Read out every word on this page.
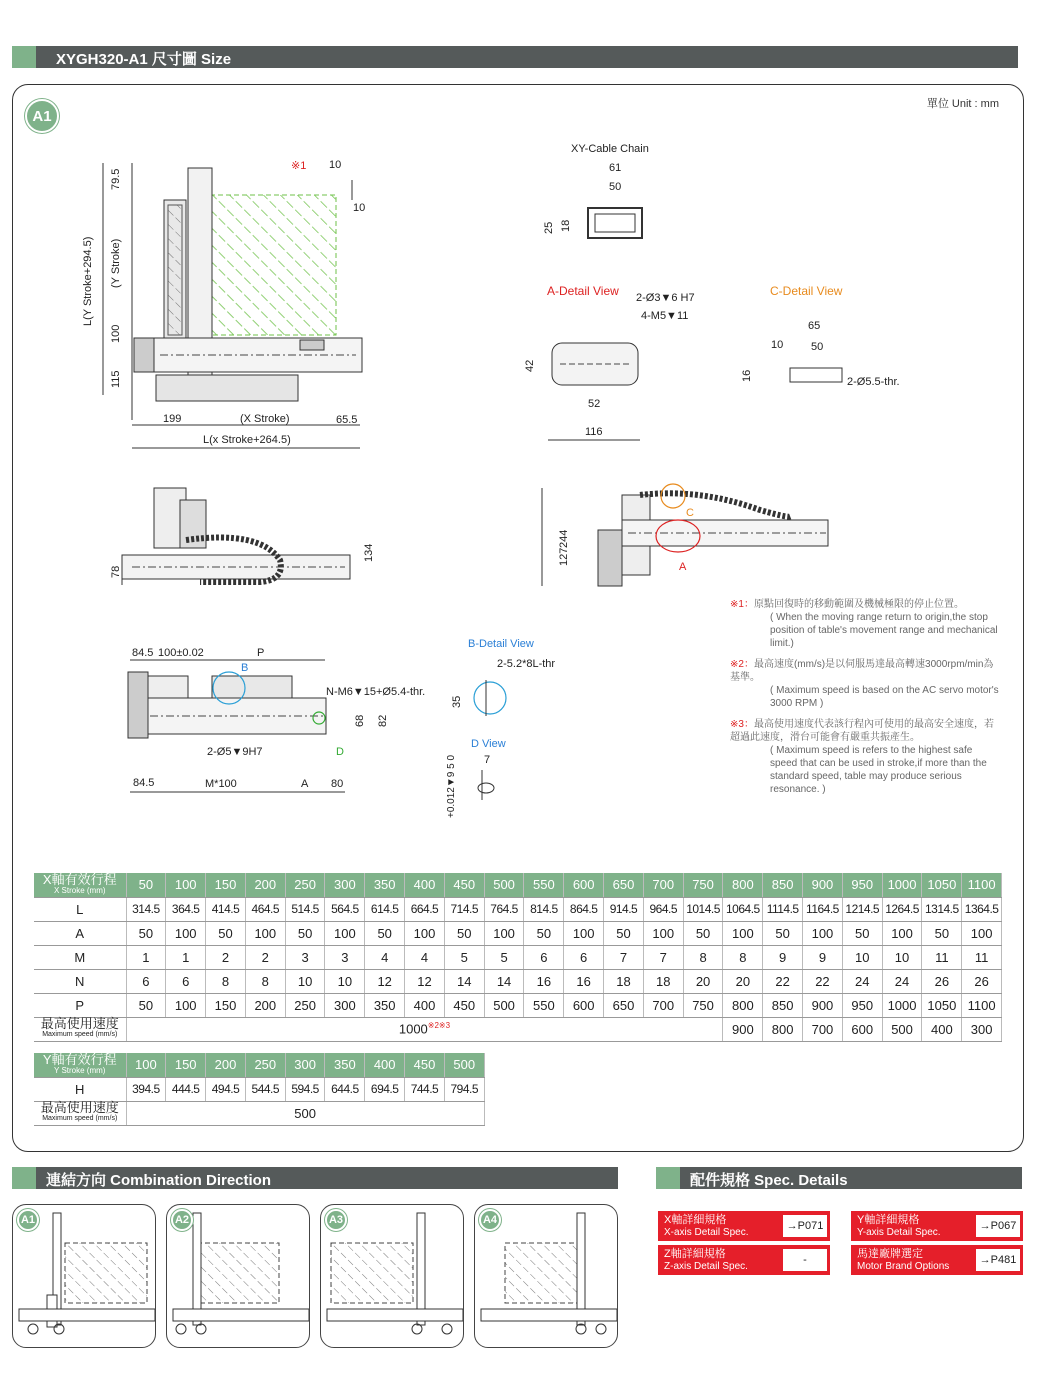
XYGH320-A1 尺寸圖 Size
A1
單位 Unit : mm
XY-Cable Chain
61
50
25 18
A-Detail View 2-Ø3▼6 H7
4-M5▼11
42
52
116
C-Detail View
65
10	50
16	2-Ø5.5-thr.
※1 10
10
L(Y Stroke+294.5) (Y Stroke)
79.5
100
115
199	(X Stroke)	65.5
L(x Stroke+264.5)
78
134
244
127
C
A
84.5 100±0.02	P
B
N-M6▼15+Ø5.4-thr.
68 82
2-Ø5▼9H7	D
84.5	M*100	A 80
B-Detail View
2-5.2*8L-thr
35
D View
7
+0.012▼9 5 0
※1：原點回復時的移動範圍及機械極限的停止位置。
( When the moving range return to origin,the stop position of table's movement range and mechanical limit.)
※2：最高速度(mm/s)是以伺服馬達最高轉速3000rpm/min為基準。
( Maximum speed is based on the AC servo motor's 3000 RPM )
※3：最高使用速度代表該行程內可使用的最高安全速度，若超過此速度，滑台可能會有嚴重共振產生。
( Maximum speed is refers to the highest safe speed that can be used in stroke,if more than the standard speed, table may produce serious resonance. )
X軸有效行程
X Stroke (mm)	50	100	150	200	250	300	350	400	450	500	550	600	650	700	750	800	850	900	950	1000	1050	1100
L	314.5	364.5	414.5	464.5	514.5	564.5	614.5	664.5	714.5	764.5	814.5	864.5	914.5	964.5	1014.5	1064.5	1114.5	1164.5	1214.5	1264.5	1314.5	1364.5
A	50	100	50	100	50	100	50	100	50	100	50	100	50	100	50	100	50	100	50	100	50	100
M	1	1	2	2	3	3	4	4	5	5	6	6	7	7	8	8	9	9	10	10	11	11
N	6	6	8	8	10	10	12	12	14	14	16	16	18	18	20	20	22	22	24	24	26	26
P	50	100	150	200	250	300	350	400	450	500	550	600	650	700	750	800	850	900	950	1000	1050	1100
最高使用速度
Maximum speed (mm/s)	$1000^{※2※3}$															900	800	700	600	500	400	300
Y軸有效行程
Y Stroke (mm)	100	150	200	250	300	350	400	450	500
H	394.5	444.5	494.5	544.5	594.5	644.5	694.5	744.5	794.5
最高使用速度
Maximum speed (mm/s)	500								
連結方向 Combination Direction
A1	A2	A3	A4
配件規格 Spec. Details
X軸詳細規格
X-axis Detail Spec.
→P071	Y軸詳細規格
Y-axis Detail Spec.
→P067
Z軸詳細規格
Z-axis Detail Spec.
-	馬達廠牌選定
Motor Brand Options
→P481
